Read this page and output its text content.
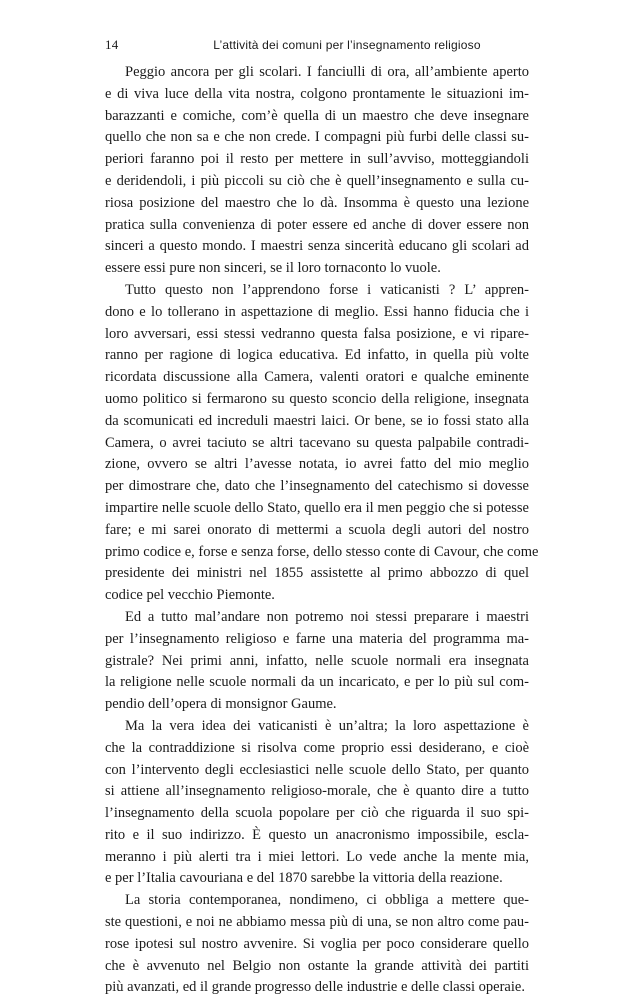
14	L’attività dei comuni per l’insegnamento religioso
Peggio ancora per gli scolari. I fanciulli di ora, all’ambiente aperto
e di viva luce della vita nostra, colgono prontamente le situazioni im-
barazzanti e comiche, com’è quella di un maestro che deve insegnare
quello che non sa e che non crede. I compagni più furbi delle classi su-
periori faranno poi il resto per mettere in sull’avviso, motteggiandoli
e deridendoli, i più piccoli su ciò che è quell’insegnamento e sulla cu-
riosa posizione del maestro che lo dà. Insomma è questo una lezione
pratica sulla convenienza di poter essere ed anche di dover essere non
sinceri a questo mondo. I maestri senza sincerità educano gli scolari ad
essere essi pure non sinceri, se il loro tornaconto lo vuole.
Tutto questo non l’apprendono forse i vaticanisti ? L’ appren-
dono e lo tollerano in aspettazione di meglio. Essi hanno fiducia che i
loro avversari, essi stessi vedranno questa falsa posizione, e vi ripare-
ranno per ragione di logica educativa. Ed infatto, in quella più volte
ricordata discussione alla Camera, valenti oratori e qualche eminente
uomo politico si fermarono su questo sconcio della religione, insegnata
da scomunicati ed increduli maestri laici. Or bene, se io fossi stato alla
Camera, o avrei taciuto se altri tacevano su questa palpabile contradi-
zione, ovvero se altri l’avesse notata, io avrei fatto del mio meglio
per dimostrare che, dato che l’insegnamento del catechismo si dovesse
impartire nelle scuole dello Stato, quello era il men peggio che si potesse
fare; e mi sarei onorato di mettermi a scuola degli autori del nostro
primo codice e, forse e senza forse, dello stesso conte di Cavour, che come
presidente dei ministri nel 1855 assistette al primo abbozzo di quel
codice pel vecchio Piemonte.
Ed a tutto mal’andare non potremo noi stessi preparare i maestri
per l’insegnamento religioso e farne una materia del programma ma-
gistrale? Nei primi anni, infatto, nelle scuole normali era insegnata
la religione nelle scuole normali da un incaricato, e per lo più sul com-
pendio dell’opera di monsignor Gaume.
Ma la vera idea dei vaticanisti è un’altra; la loro aspettazione è
che la contraddizione si risolva come proprio essi desiderano, e cioè
con l’intervento degli ecclesiastici nelle scuole dello Stato, per quanto
si attiene all’insegnamento religioso-morale, che è quanto dire a tutto
l’insegnamento della scuola popolare per ciò che riguarda il suo spi-
rito e il suo indirizzo. È questo un anacronismo impossibile, escla-
meranno i più alerti tra i miei lettori. Lo vede anche la mente mia,
e per l’Italia cavouriana e del 1870 sarebbe la vittoria della reazione.
La storia contemporanea, nondimeno, ci obbliga a mettere que-
ste questioni, e noi ne abbiamo messa più di una, se non altro come pau-
rose ipotesi sul nostro avvenire. Si voglia per poco considerare quello
che è avvenuto nel Belgio non ostante la grande attività dei partiti
più avanzati, ed il grande progresso delle industrie e delle classi operaie.
